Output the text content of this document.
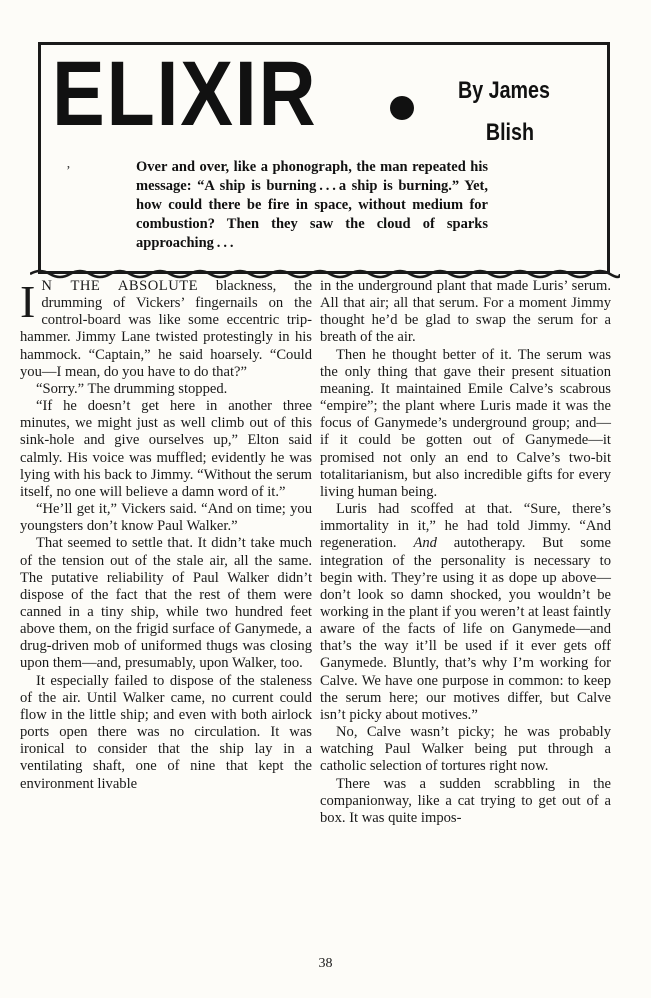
ELIXIR	By James
Blish
’	Over and over, like a phonograph, the man repeated his message: “A ship is burning . . . a ship is burning.” Yet, how could there be fire in space, without medium for combustion? Then they saw the cloud of sparks approaching . . .

I N THE ABSOLUTE blackness, the drumming of Vickers’ fingernails on the control-board was like some eccentric trip-hammer. Jimmy Lane twisted protestingly in his hammock. “Captain,” he said hoarsely. “Could you—I mean, do you have to do that?”

“Sorry.” The drumming stopped.

“If he doesn’t get here in another three minutes, we might just as well climb out of this sink-hole and give ourselves up,” Elton said calmly. His voice was muffled; evidently he was lying with his back to Jimmy. “Without the serum itself, no one will believe a damn word of it.”

“He’ll get it,” Vickers said. “And on time; you youngsters don’t know Paul Walker.”

That seemed to settle that. It didn’t take much of the tension out of the stale air, all the same. The putative reliability of Paul Walker didn’t dispose of the fact that the rest of them were canned in a tiny ship, while two hundred feet above them, on the frigid surface of Ganymede, a drug-driven mob of uniformed thugs was closing upon them—and, presumably, upon Walker, too.

It especially failed to dispose of the staleness of the air. Until Walker came, no current could flow in the little ship; and even with both airlock ports open there was no circulation. It was ironical to consider that the ship lay in a ventilating shaft, one of nine that kept the environment livable

in the underground plant that made Luris’ serum. All that air; all that serum. For a moment Jimmy thought he’d be glad to swap the serum for a breath of the air.

Then he thought better of it. The serum was the only thing that gave their present situation meaning. It maintained Emile Calve’s scabrous “empire”; the plant where Luris made it was the focus of Ganymede’s underground group; and—if it could be gotten out of Ganymede—it promised not only an end to Calve’s two-bit totalitarianism, but also incredible gifts for every living human being.

Luris had scoffed at that. “Sure, there’s immortality in it,” he had told Jimmy. “And regeneration. And autotherapy. But some integration of the personality is necessary to begin with. They’re using it as dope up above—don’t look so damn shocked, you wouldn’t be working in the plant if you weren’t at least faintly aware of the facts of life on Ganymede—and that’s the way it’ll be used if it ever gets off Ganymede. Bluntly, that’s why I’m working for Calve. We have one purpose in common: to keep the serum here; our motives differ, but Calve isn’t picky about motives.”

No, Calve wasn’t picky; he was probably watching Paul Walker being put through a catholic selection of tortures right now.

There was a sudden scrabbling in the companionway, like a cat trying to get out of a box. It was quite impos-

38
